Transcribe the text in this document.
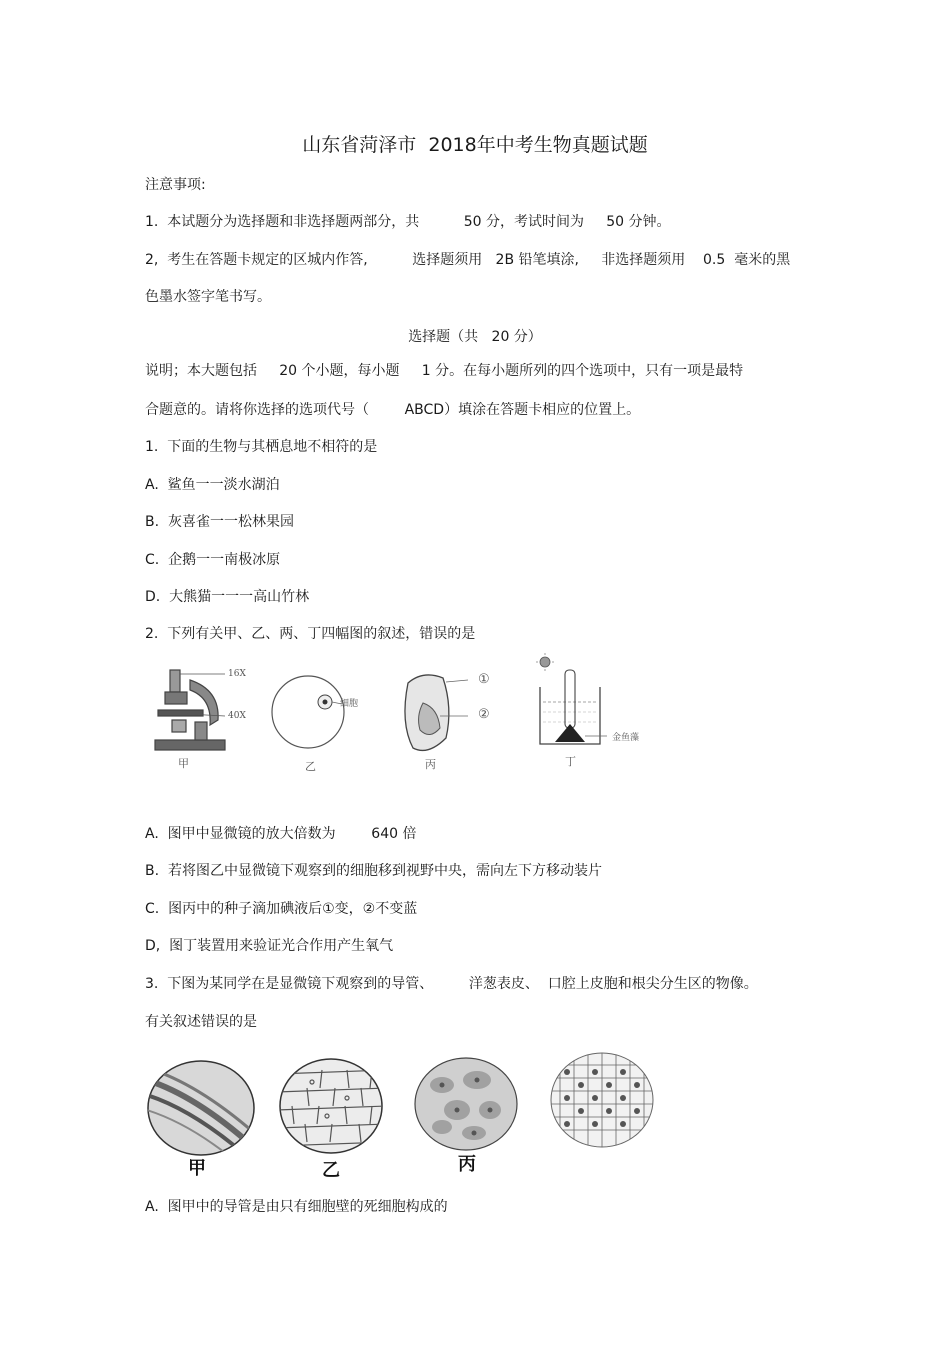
山东省菏泽市  2018年中考生物真题试题
注意事项:
1.  本试题分为选择题和非选择题两部分，共          50 分，考试时间为     50 分钟。
2,  考生在答题卡规定的区城内作答,          选择题须用   2B 铅笔填涂,     非选择题须用    0.5  毫米的黑
色墨水签字笔书写。
选择题（共   20 分）
说明；本大题包括     20 个小题，每小题     1 分。在每小题所列的四个选项中，只有一项是最特
合题意的。请将你选择的选项代号（        ABCD）填涂在答题卡相应的位置上。
1.  下面的生物与其栖息地不相符的是
A.  鲨鱼一一淡水湖泊
B.  灰喜雀一一松林果园
C.  企鹅一一南极冰原
D.  大熊猫一一一高山竹林
2.  下列有关甲、乙、两、丁四幅图的叙述，错误的是
16X
40X
甲
细胞
乙
①
②
丙
金鱼藻
丁
A.  图甲中显微镜的放大倍数为        640 倍
B.  若将图乙中显微镜下观察到的细胞移到视野中央，需向左下方移动装片
C.  图丙中的种子滴加碘液后①变，②不变蓝
D,  图丁装置用来验证光合作用产生氧气
3.  下图为某同学在是显微镜下观察到的导管、        洋葱表皮、  口腔上皮胞和根尖分生区的物像。
有关叙述错误的是
甲	乙	丙
A.  图甲中的导管是由只有细胞壁的死细胞构成的
